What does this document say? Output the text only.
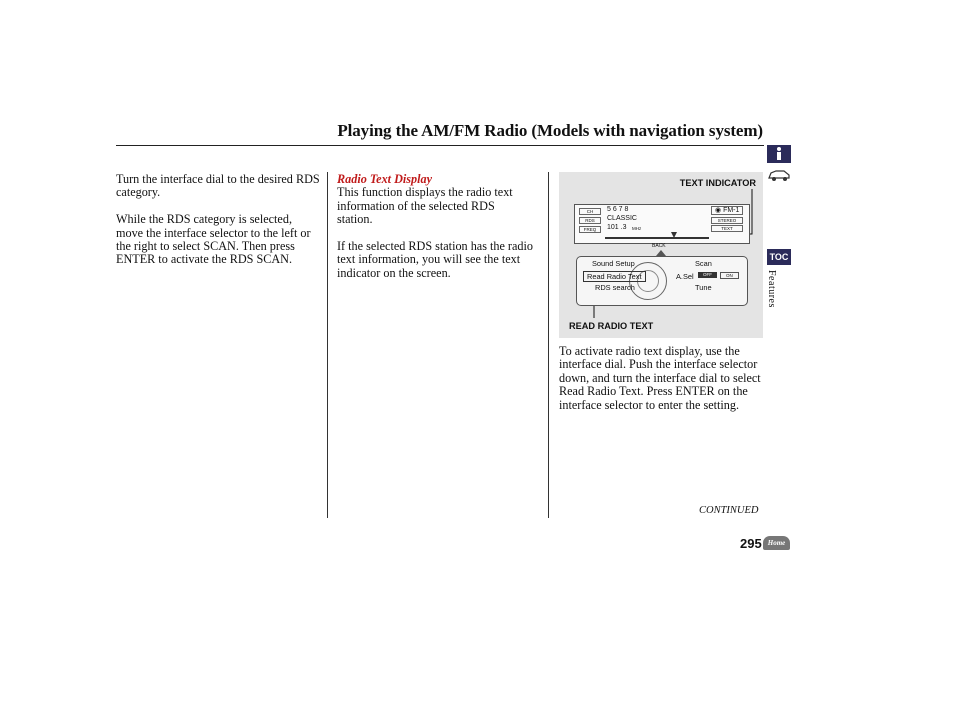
Playing the AM/FM Radio (Models with navigation system)

Turn the interface dial to the desired RDS category.

While the RDS category is selected, move the interface selector to the left or the right to select SCAN. Then press ENTER to activate the RDS SCAN.

Radio Text Display

This function displays the radio text information of the selected RDS station.

If the selected RDS station has the radio text information, you will see the text indicator on the screen.

TEXT INDICATOR
CH
RDS
FREQ
5 6 7 8
CLASSIC
101 .3 MHz
◉ FM-1
STEREO
TEXT
BACK
Sound Setup
Read Radio Text
RDS search
Scan
A.Sel	OFF	ON
Tune
READ RADIO TEXT

To activate radio text display, use the interface dial. Push the interface selector down, and turn the interface dial to select Read Radio Text. Press ENTER on the interface selector to enter the setting.

TOC
Features
CONTINUED
295 Home
